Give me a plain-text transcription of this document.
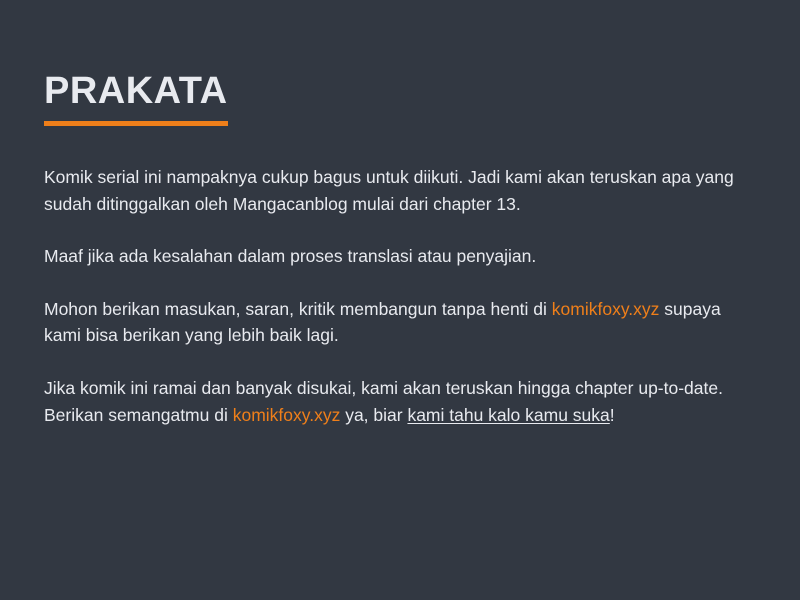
PRAKATA

Komik serial ini nampaknya cukup bagus untuk diikuti. Jadi kami akan teruskan apa yang sudah ditinggalkan oleh Mangacanblog mulai dari chapter 13.

Maaf jika ada kesalahan dalam proses translasi atau penyajian.

Mohon berikan masukan, saran, kritik membangun tanpa henti di komikfoxy.xyz supaya kami bisa berikan yang lebih baik lagi.

Jika komik ini ramai dan banyak disukai, kami akan teruskan hingga chapter up-to-date. Berikan semangatmu di komikfoxy.xyz ya, biar kami tahu kalo kamu suka!
